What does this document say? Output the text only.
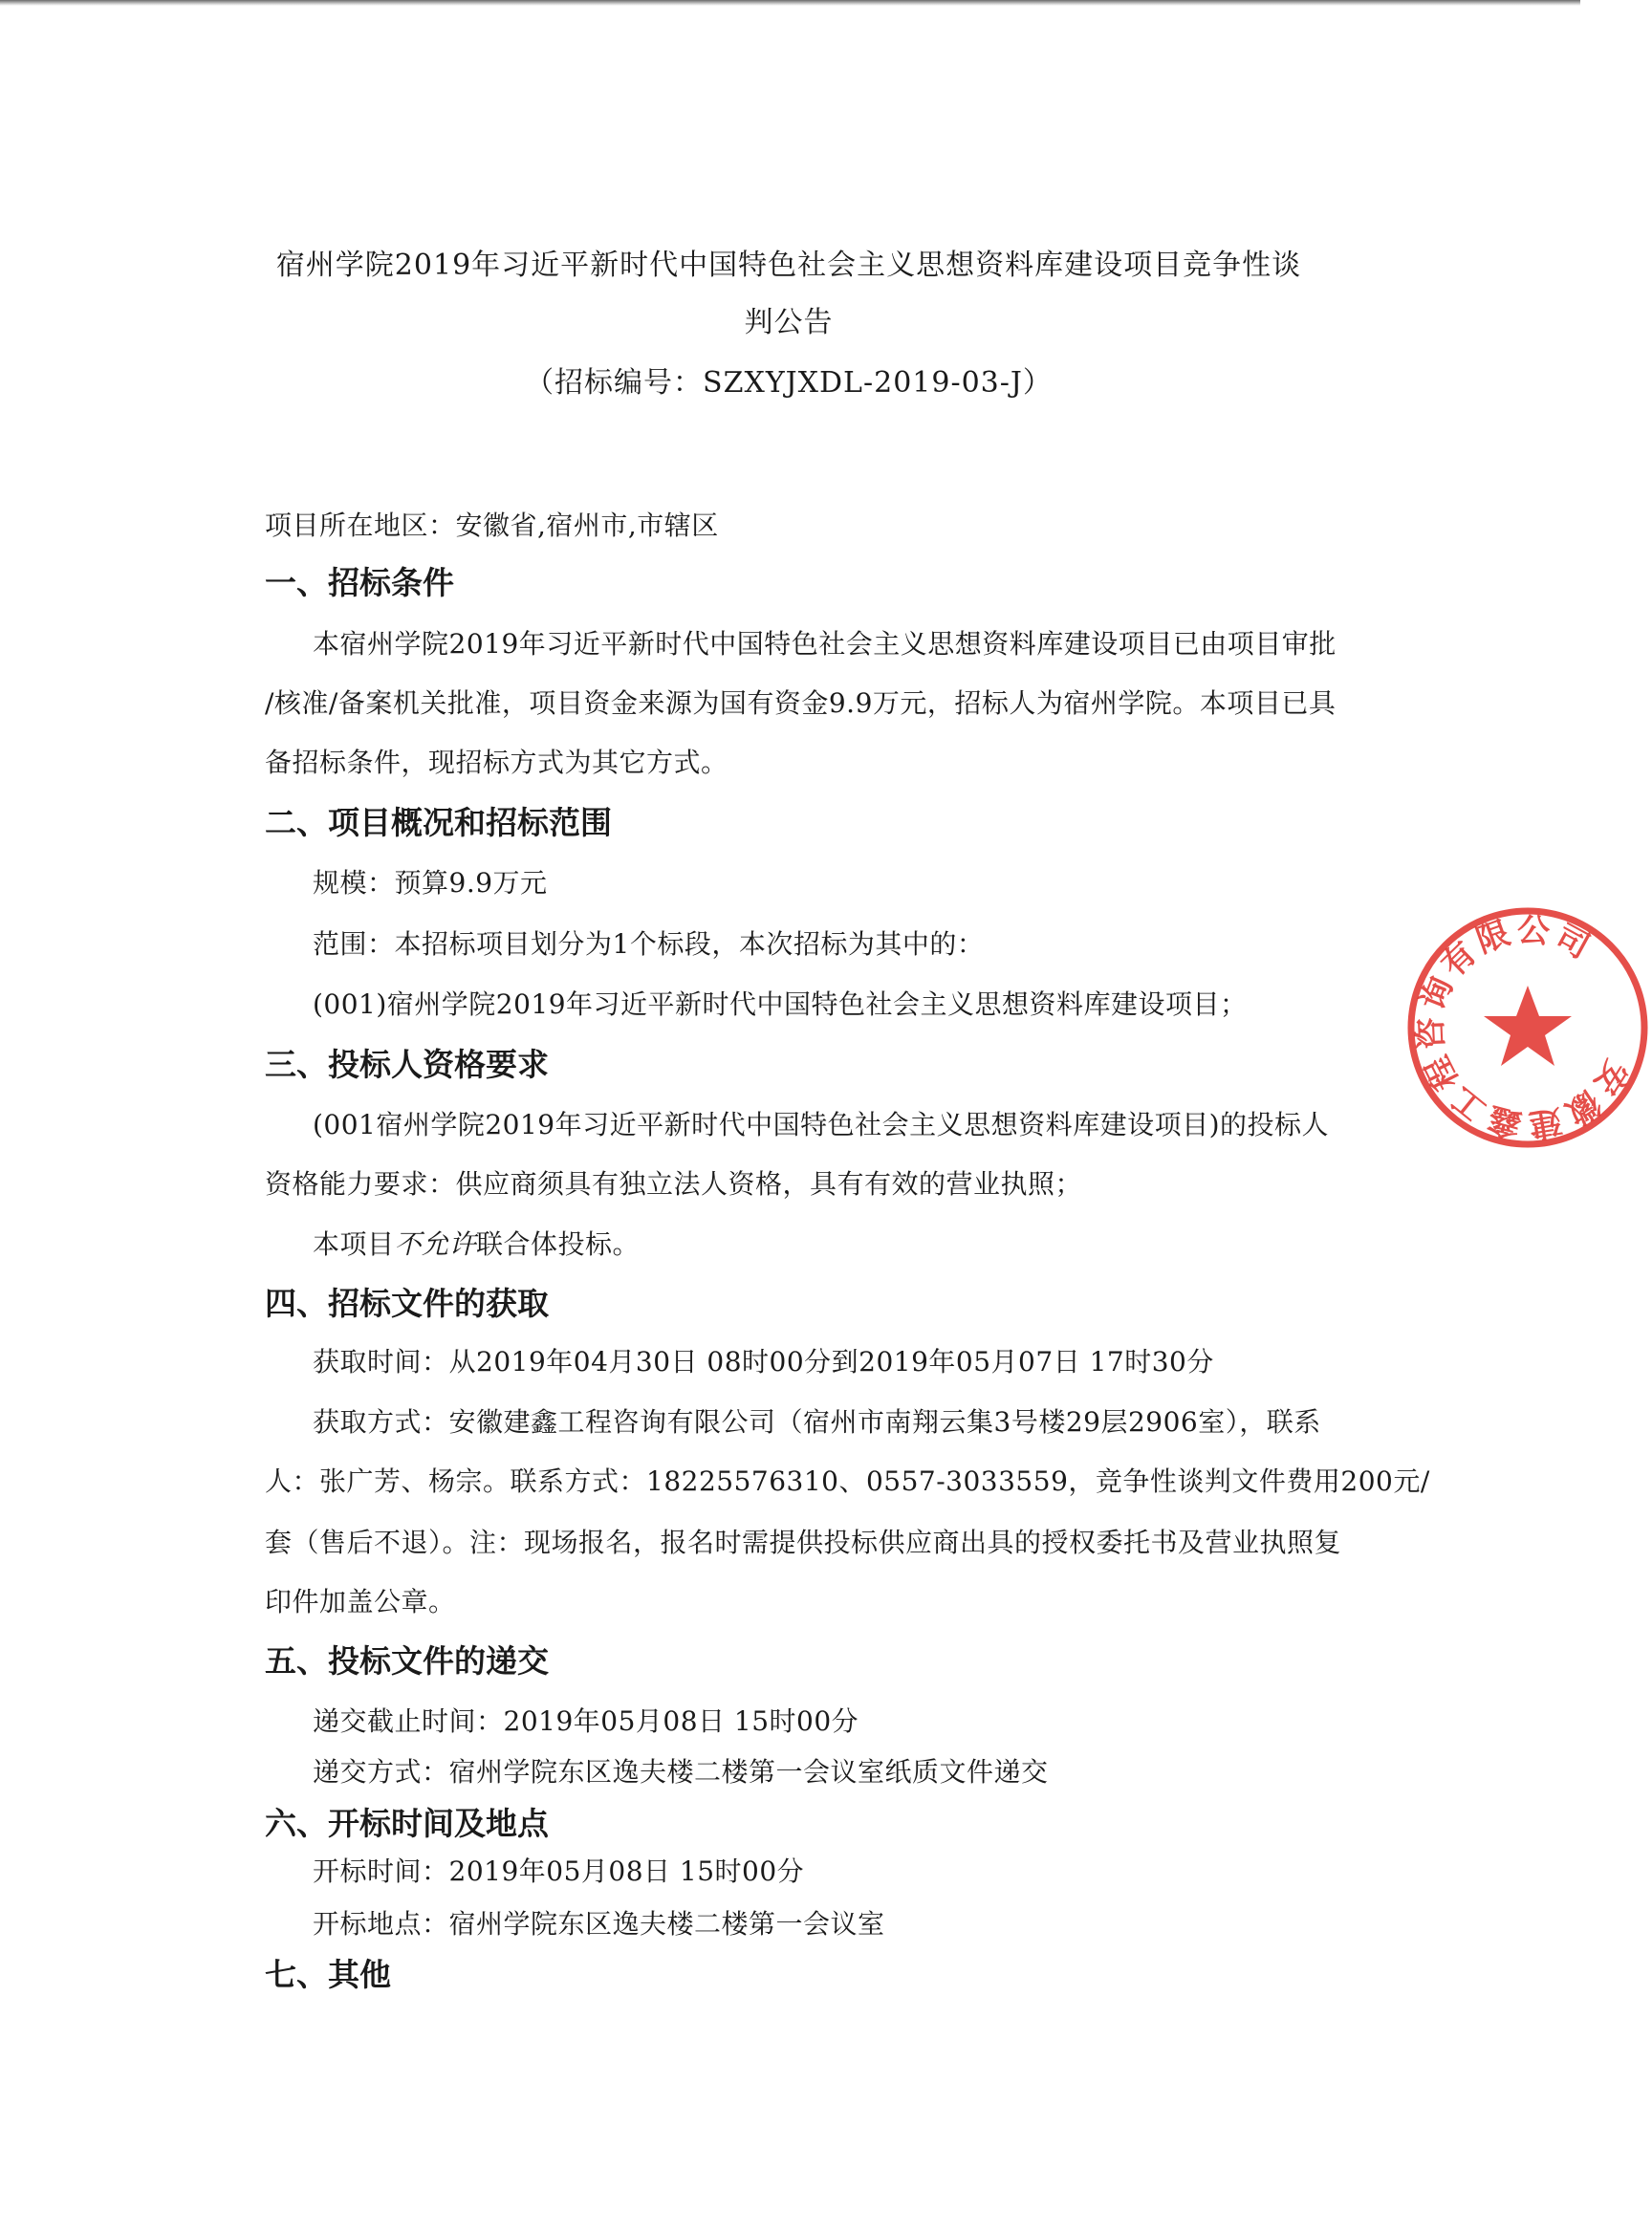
宿州学院2019年习近平新时代中国特色社会主义思想资料库建设项目竞争性谈
判公告
（招标编号：SZXYJXDL-2019-03-J）
项目所在地区：安徽省,宿州市,市辖区
一、招标条件
本宿州学院2019年习近平新时代中国特色社会主义思想资料库建设项目已由项目审批
/核准/备案机关批准，项目资金来源为国有资金9.9万元，招标人为宿州学院。本项目已具
备招标条件，现招标方式为其它方式。
二、项目概况和招标范围
规模：预算9.9万元
范围：本招标项目划分为1个标段，本次招标为其中的：
(001)宿州学院2019年习近平新时代中国特色社会主义思想资料库建设项目；
三、投标人资格要求
(001宿州学院2019年习近平新时代中国特色社会主义思想资料库建设项目)的投标人
资格能力要求：供应商须具有独立法人资格，具有有效的营业执照；
本项目不允许联合体投标。
四、招标文件的获取
获取时间：从2019年04月30日 08时00分到2019年05月07日 17时30分
获取方式：安徽建鑫工程咨询有限公司（宿州市南翔云集3号楼29层2906室），联系
人：张广芳、杨宗。联系方式：18225576310、0557-3033559，竞争性谈判文件费用200元/
套（售后不退）。注：现场报名，报名时需提供投标供应商出具的授权委托书及营业执照复
印件加盖公章。
五、投标文件的递交
递交截止时间：2019年05月08日 15时00分
递交方式：宿州学院东区逸夫楼二楼第一会议室纸质文件递交
六、开标时间及地点
开标时间：2019年05月08日 15时00分
开标地点：宿州学院东区逸夫楼二楼第一会议室
七、其他
安徽建鑫工程咨询有限公司
